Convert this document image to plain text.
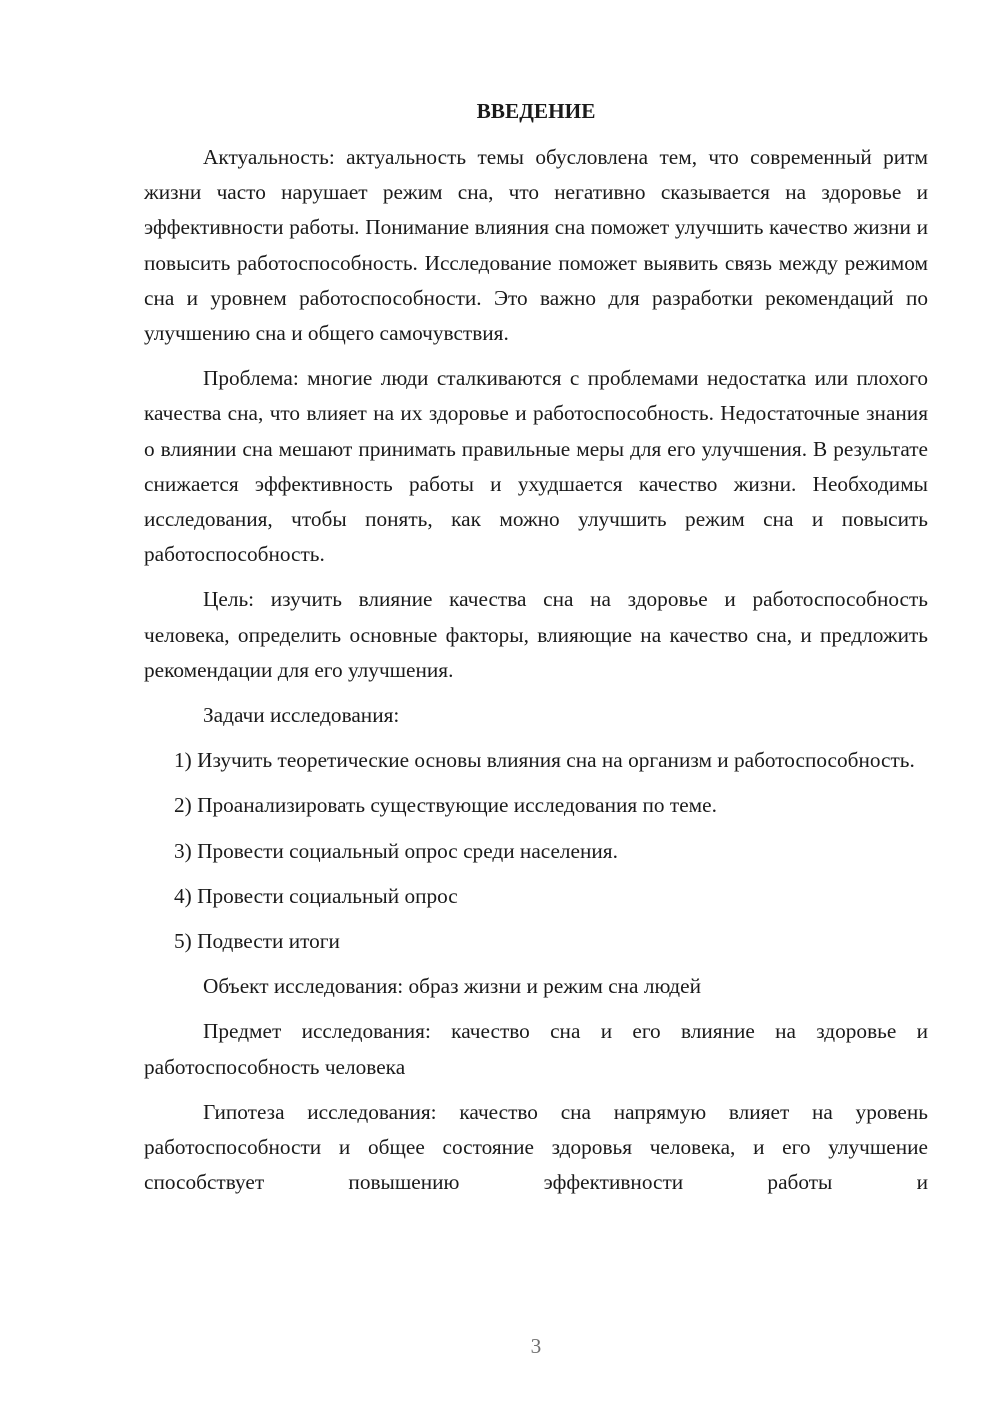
ВВЕДЕНИЕ

Актуальность: актуальность темы обусловлена тем, что современный ритм жизни часто нарушает режим сна, что негативно сказывается на здоровье и эффективности работы. Понимание влияния сна поможет улучшить качество жизни и повысить работоспособность. Исследование поможет выявить связь между режимом сна и уровнем работоспособности. Это важно для разработки рекомендаций по улучшению сна и общего самочувствия.

Проблема: многие люди сталкиваются с проблемами недостатка или плохого качества сна, что влияет на их здоровье и работоспособность. Недостаточные знания о влиянии сна мешают принимать правильные меры для его улучшения. В результате снижается эффективность работы и ухудшается качество жизни. Необходимы исследования, чтобы понять, как можно улучшить режим сна и повысить работоспособность.

Цель: изучить влияние качества сна на здоровье и работоспособность человека, определить основные факторы, влияющие на качество сна, и предложить рекомендации для его улучшения.

Задачи исследования:

1) Изучить теоретические основы влияния сна на организм и работоспособность.

2) Проанализировать существующие исследования по теме.

3) Провести социальный опрос среди населения.

4) Провести социальный опрос

5) Подвести итоги

Объект исследования: образ жизни и режим сна людей

Предмет исследования: качество сна и его влияние на здоровье и работоспособность человека

Гипотеза исследования: качество сна напрямую влияет на уровень работоспособности и общее состояние здоровья человека, и его улучшение способствует повышению эффективности работы и

3
